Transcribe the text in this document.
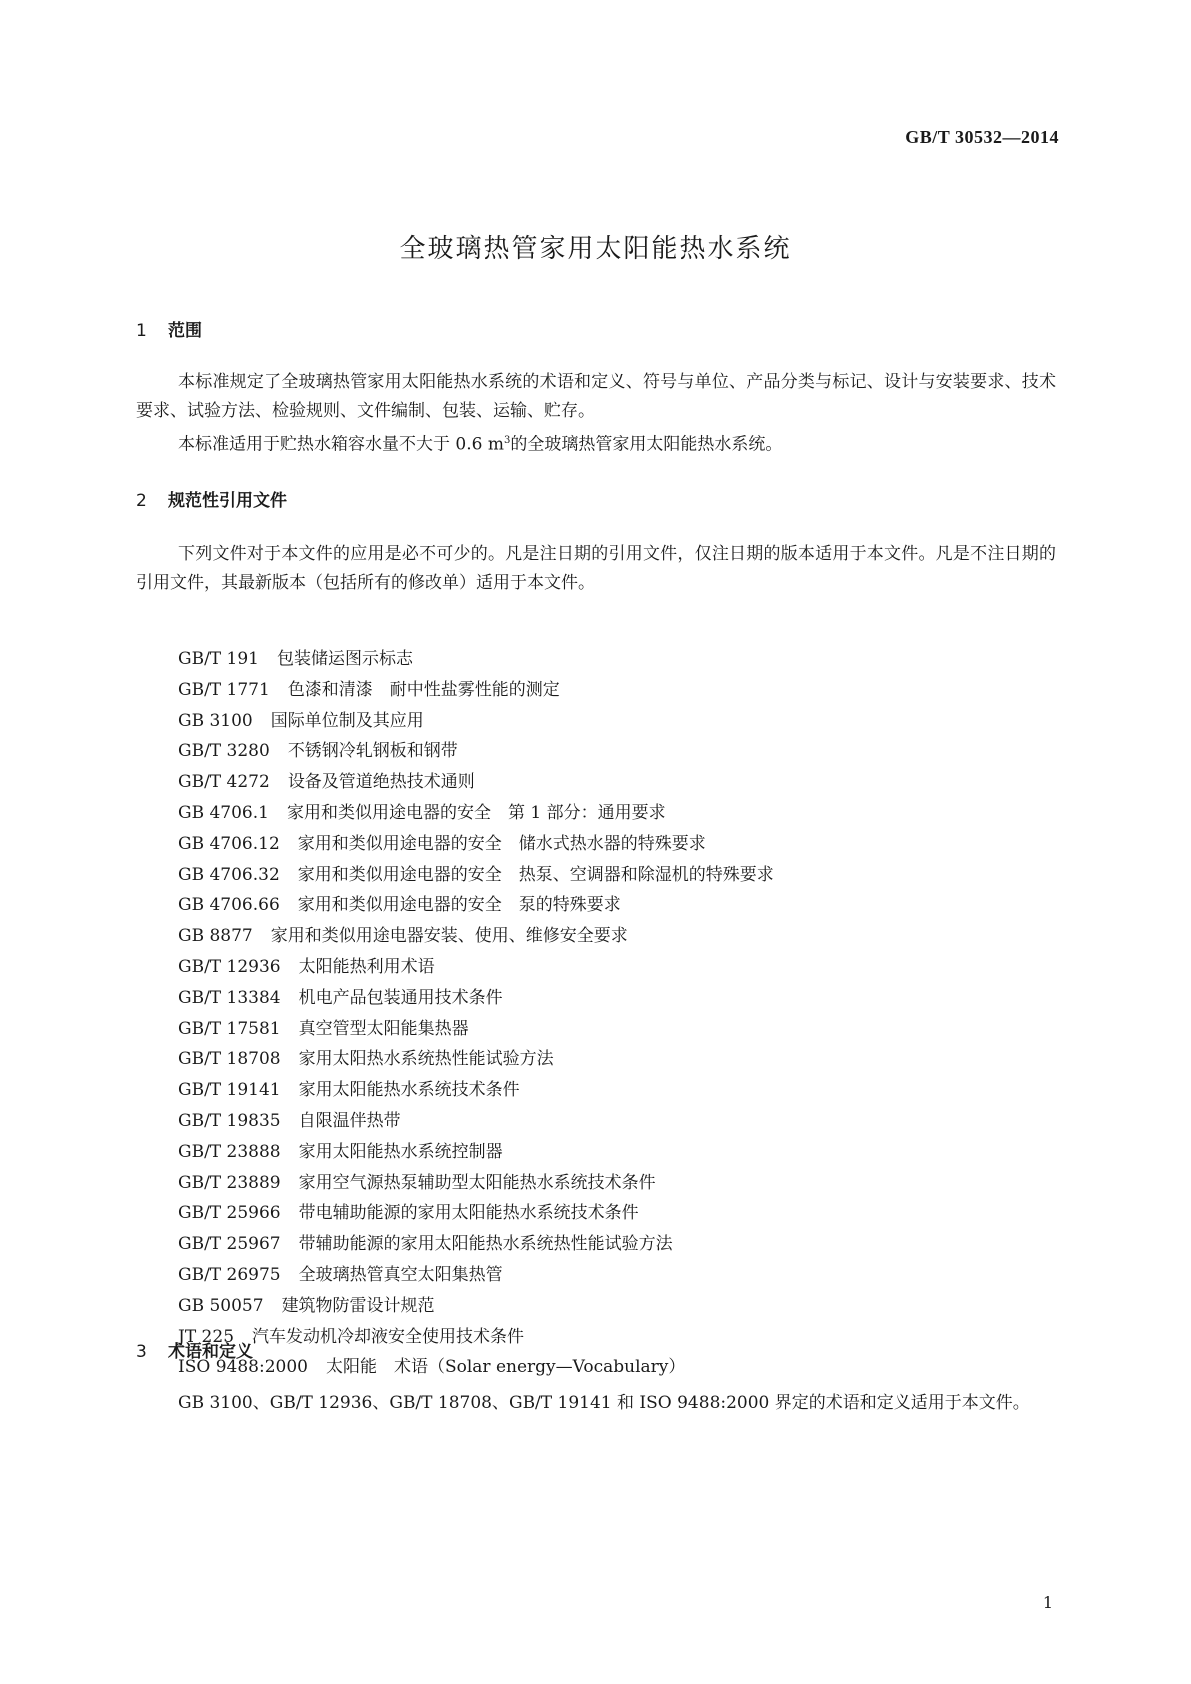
GB/T 30532—2014
全玻璃热管家用太阳能热水系统
1 范围
本标准规定了全玻璃热管家用太阳能热水系统的术语和定义、符号与单位、产品分类与标记、设计与安装要求、技术要求、试验方法、检验规则、文件编制、包装、运输、贮存。
本标准适用于贮热水箱容水量不大于 0.6 $m^3$的全玻璃热管家用太阳能热水系统。
2 规范性引用文件
下列文件对于本文件的应用是必不可少的。凡是注日期的引用文件，仅注日期的版本适用于本文件。凡是不注日期的引用文件，其最新版本（包括所有的修改单）适用于本文件。
GB/T 191 包装储运图示标志
GB/T 1771 色漆和清漆　耐中性盐雾性能的测定
GB 3100 国际单位制及其应用
GB/T 3280 不锈钢冷轧钢板和钢带
GB/T 4272 设备及管道绝热技术通则
GB 4706.1 家用和类似用途电器的安全　第 1 部分：通用要求
GB 4706.12 家用和类似用途电器的安全　储水式热水器的特殊要求
GB 4706.32 家用和类似用途电器的安全　热泵、空调器和除湿机的特殊要求
GB 4706.66 家用和类似用途电器的安全　泵的特殊要求
GB 8877 家用和类似用途电器安装、使用、维修安全要求
GB/T 12936 太阳能热利用术语
GB/T 13384 机电产品包装通用技术条件
GB/T 17581 真空管型太阳能集热器
GB/T 18708 家用太阳热水系统热性能试验方法
GB/T 19141 家用太阳能热水系统技术条件
GB/T 19835 自限温伴热带
GB/T 23888 家用太阳能热水系统控制器
GB/T 23889 家用空气源热泵辅助型太阳能热水系统技术条件
GB/T 25966 带电辅助能源的家用太阳能热水系统技术条件
GB/T 25967 带辅助能源的家用太阳能热水系统热性能试验方法
GB/T 26975 全玻璃热管真空太阳集热管
GB 50057 建筑物防雷设计规范
JT 225 汽车发动机冷却液安全使用技术条件
ISO 9488:2000 太阳能　术语（Solar energy—Vocabulary）
3 术语和定义
GB 3100、GB/T 12936、GB/T 18708、GB/T 19141 和 ISO 9488:2000 界定的术语和定义适用于本文件。
1
